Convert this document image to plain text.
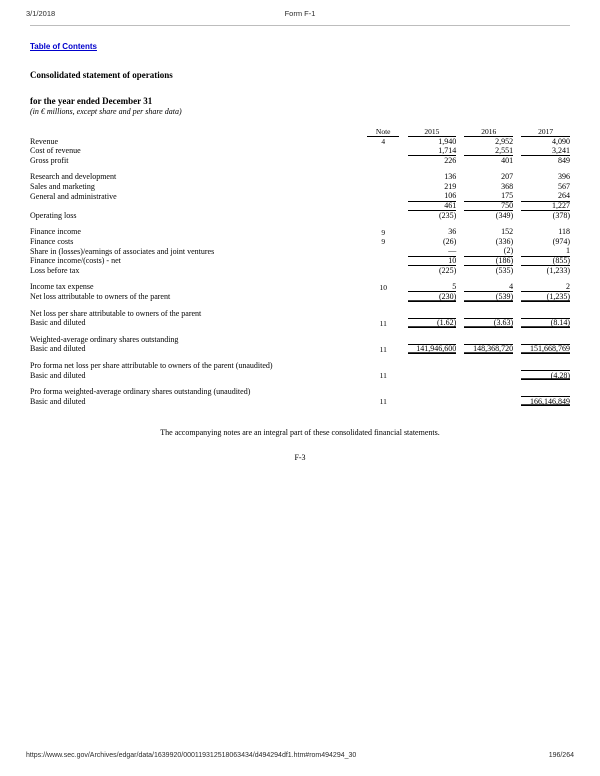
3/1/2018	Form F-1
Table of Contents
Consolidated statement of operations
for the year ended December 31
(in € millions, except share and per share data)
	Note		2015		2016		2017
Revenue	4		1,940		2,952		4,090
Cost of revenue			1,714		2,551		3,241
Gross profit			226		401		849

Research and development			136		207		396
Sales and marketing			219		368		567
General and administrative			106		175		264
			461		750		1,227
Operating loss			(235)		(349)		(378)

Finance income	9		36		152		118
Finance costs	9		(26)		(336)		(974)
Share in (losses)/earnings of associates and joint ventures			—		(2)		1
Finance income/(costs) - net			10		(186)		(855)
Loss before tax			(225)		(535)		(1,233)

Income tax expense	10		5		4		2
Net loss attributable to owners of the parent			(230)		(539)		(1,235)

Net loss per share attributable to owners of the parent							
Basic and diluted	11		(1.62)		(3.63)		(8.14)

Weighted-average ordinary shares outstanding							
Basic and diluted	11		141,946,600		148,368,720		151,668,769

Pro forma net loss per share attributable to owners of the parent (unaudited)							
Basic and diluted	11						(4.28)

Pro forma weighted-average ordinary shares outstanding (unaudited)							
Basic and diluted	11						166,146,849
The accompanying notes are an integral part of these consolidated financial statements.
F-3
https://www.sec.gov/Archives/edgar/data/1639920/000119312518063434/d494294df1.htm#rom494294_30	196/264
